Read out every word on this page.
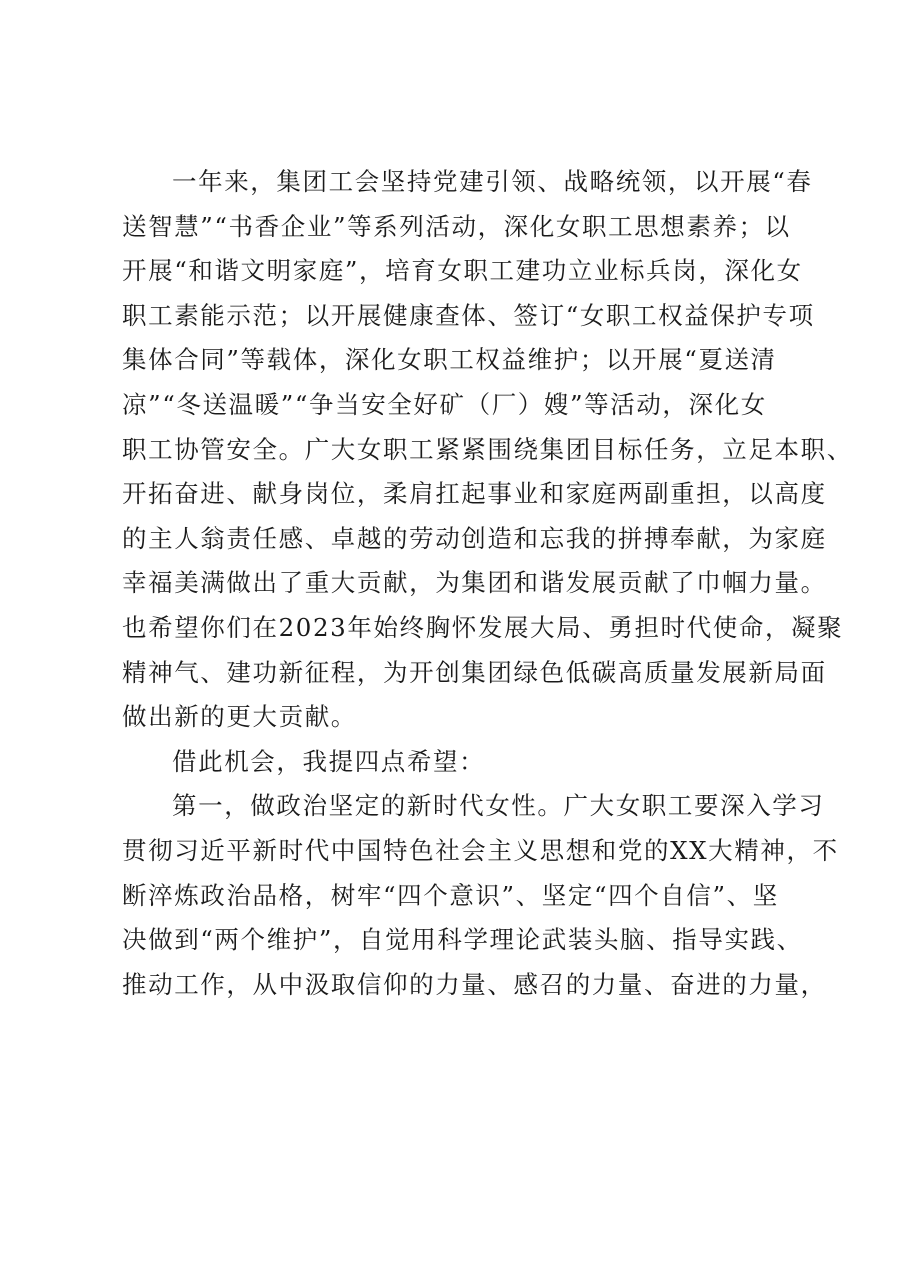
一年来，集团工会坚持党建引领、战略统领，以开展“春
送智慧”“书香企业”等系列活动，深化女职工思想素养；以
开展“和谐文明家庭”，培育女职工建功立业标兵岗，深化女
职工素能示范；以开展健康查体、签订“女职工权益保护专项
集体合同”等载体，深化女职工权益维护；以开展“夏送清
凉”“冬送温暖”“争当安全好矿（厂）嫂”等活动，深化女
职工协管安全。广大女职工紧紧围绕集团目标任务，立足本职、
开拓奋进、献身岗位，柔肩扛起事业和家庭两副重担，以高度
的主人翁责任感、卓越的劳动创造和忘我的拼搏奉献，为家庭
幸福美满做出了重大贡献，为集团和谐发展贡献了巾帼力量。
也希望你们在2023年始终胸怀发展大局、勇担时代使命，凝聚
精神气、建功新征程，为开创集团绿色低碳高质量发展新局面
做出新的更大贡献。
借此机会，我提四点希望：
第一，做政治坚定的新时代女性。广大女职工要深入学习
贯彻习近平新时代中国特色社会主义思想和党的XX大精神，不
断淬炼政治品格，树牢“四个意识”、坚定“四个自信”、坚
决做到“两个维护”，自觉用科学理论武装头脑、指导实践、
推动工作，从中汲取信仰的力量、感召的力量、奋进的力量，
